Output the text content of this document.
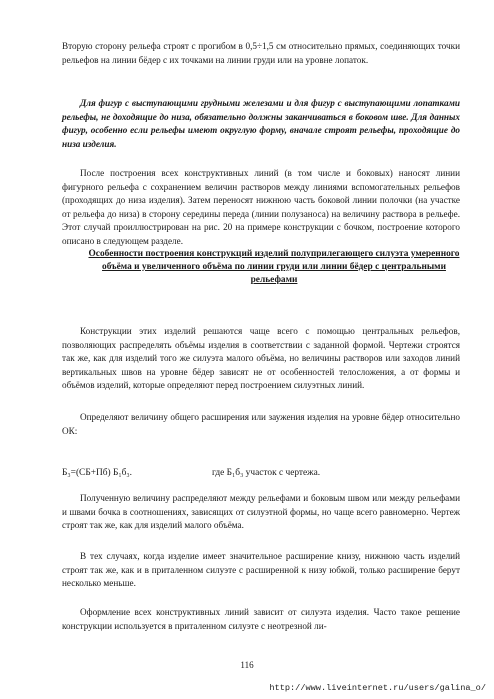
Вторую сторону рельефа строят с прогибом в 0,5÷1,5 см относительно прямых, соединяющих точки рельефов на линии бёдер с их точками на линии груди или на уровне лопаток.

Для фигур с выступающими грудными железами и для фигур с выступающими лопатками рельефы, не доходящие до низа, обязательно должны заканчиваться в боковом шве. Для данных фигур, особенно если рельефы имеют округлую форму, вначале строят рельефы, проходящие до низа изделия.

После построения всех конструктивных линий (в том числе и боковых) наносят линии фигурного рельефа с сохранением величин растворов между линиями вспомогательных рельефов (проходящих до низа изделия). Затем переносят нижнюю часть боковой линии полочки (на участке от рельефа до низа) в сторону середины переда (линии полузаноса) на величину раствора в рельефе. Этот случай проиллюстрирован на рис. 20 на примере конструкции с бочком, построение которого описано в следующем разделе.

Особенности построения конструкций изделий полуприлегающего силуэта умеренного объёма и увеличенного объёма по линии груди или линии бёдер с центральными рельефами

Конструкции этих изделий решаются чаще всего с помощью центральных рельефов, позволяющих распределять объёмы изделия в соответствии с заданной формой. Чертежи строятся так же, как для изделий того же силуэта малого объёма, но величины растворов или заходов линий вертикальных швов на уровне бёдер зависят не от особенностей телосложения, а от формы и объёмов изделий, которые определяют перед построением силуэтных линий.

Определяют величину общего расширения или заужения изделия на уровне бёдер относительно ОК:

Б₃=(СБ+Пб) Б₁б₃.	где Б₁б₃ участок с чертежа.

Полученную величину распределяют между рельефами и боковым швом или между рельефами и швами бочка в соотношениях, зависящих от силуэтной формы, но чаще всего равномерно. Чертеж строят так же, как для изделий малого объёма.

В тех случаях, когда изделие имеет значительное расширение книзу, нижнюю часть изделий строят так же, как и в приталенном силуэте с расширенной к низу юбкой, только расширение берут несколько меньше.

Оформление всех конструктивных линий зависит от силуэта изделия. Часто такое решение конструкции используется в приталенном силуэте с неотрезной ли-

116
http://www.liveinternet.ru/users/galina_o/
